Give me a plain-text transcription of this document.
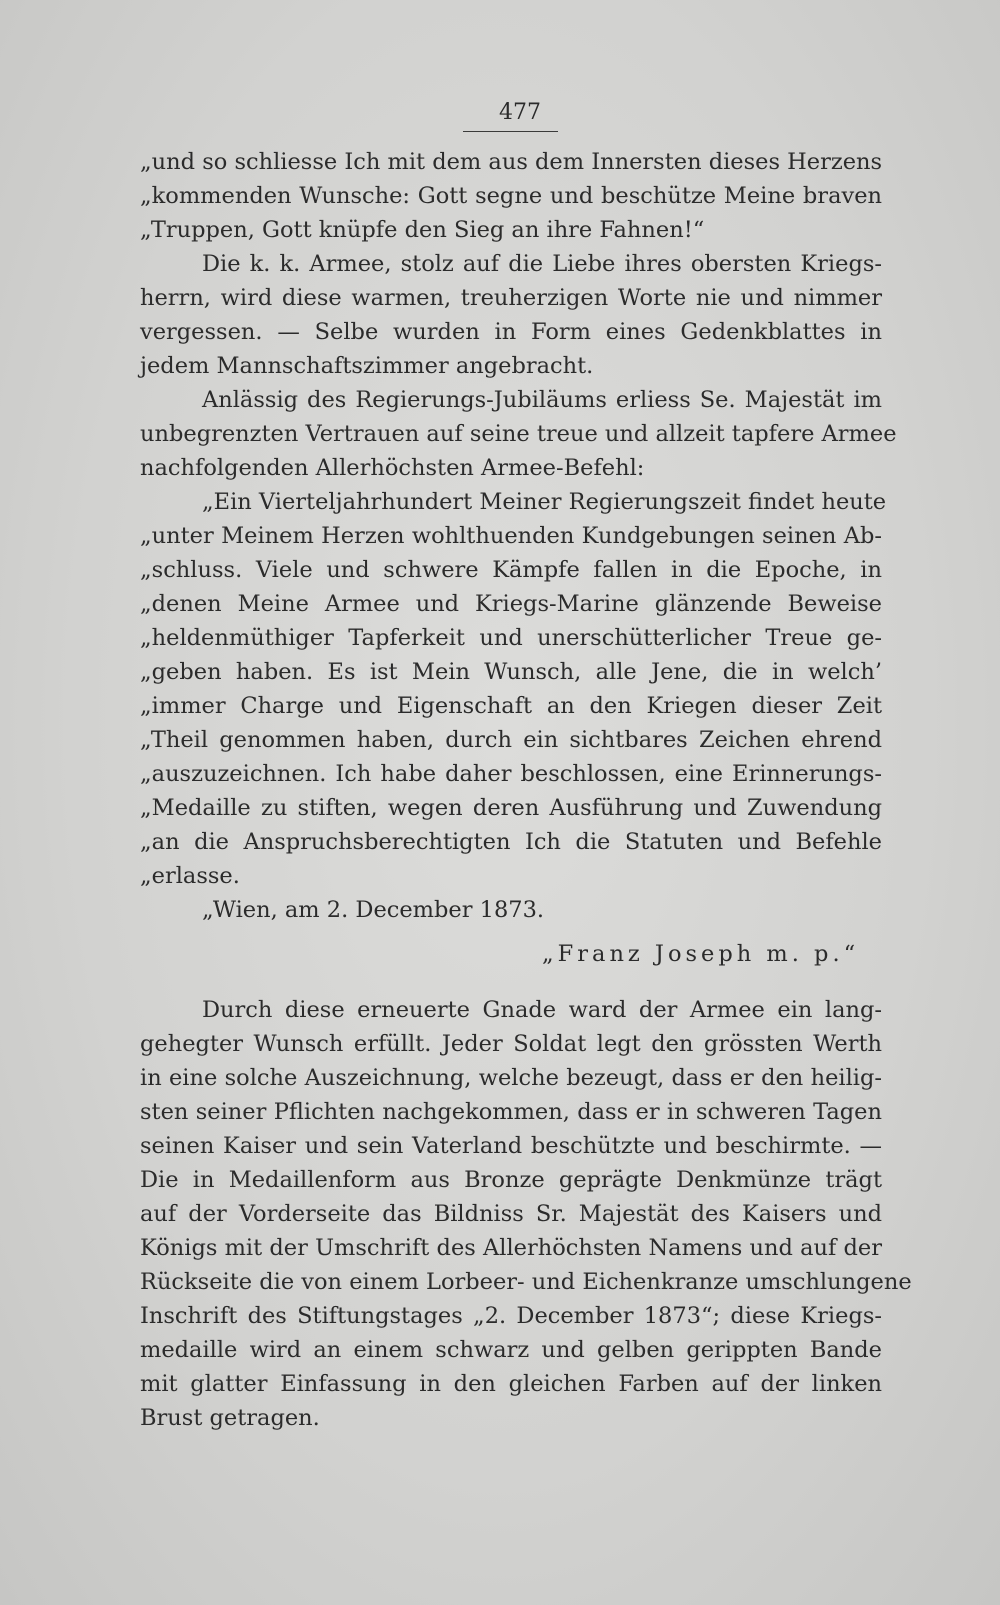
477
„und so schliesse Ich mit dem aus dem Innersten dieses Herzens
„kommenden Wunsche: Gott segne und beschütze Meine braven
„Truppen, Gott knüpfe den Sieg an ihre Fahnen!“
Die k. k. Armee, stolz auf die Liebe ihres obersten Kriegs-
herrn, wird diese warmen, treuherzigen Worte nie und nimmer
vergessen. — Selbe wurden in Form eines Gedenkblattes in
jedem Mannschaftszimmer angebracht.
Anlässig des Regierungs-Jubiläums erliess Se. Majestät im
unbegrenzten Vertrauen auf seine treue und allzeit tapfere Armee
nachfolgenden Allerhöchsten Armee-Befehl:
„Ein Vierteljahrhundert Meiner Regierungszeit findet heute
„unter Meinem Herzen wohlthuenden Kundgebungen seinen Ab-
„schluss. Viele und schwere Kämpfe fallen in die Epoche, in
„denen Meine Armee und Kriegs-Marine glänzende Beweise
„heldenmüthiger Tapferkeit und unerschütterlicher Treue ge-
„geben haben. Es ist Mein Wunsch, alle Jene, die in welch’
„immer Charge und Eigenschaft an den Kriegen dieser Zeit
„Theil genommen haben, durch ein sichtbares Zeichen ehrend
„auszuzeichnen. Ich habe daher beschlossen, eine Erinnerungs-
„Medaille zu stiften, wegen deren Ausführung und Zuwendung
„an die Anspruchsberechtigten Ich die Statuten und Befehle
„erlasse.
„Wien, am 2. December 1873.
„Franz Joseph m. p.“
Durch diese erneuerte Gnade ward der Armee ein lang-
gehegter Wunsch erfüllt. Jeder Soldat legt den grössten Werth
in eine solche Auszeichnung, welche bezeugt, dass er den heilig-
sten seiner Pflichten nachgekommen, dass er in schweren Tagen
seinen Kaiser und sein Vaterland beschützte und beschirmte. —
Die in Medaillenform aus Bronze geprägte Denkmünze trägt
auf der Vorderseite das Bildniss Sr. Majestät des Kaisers und
Königs mit der Umschrift des Allerhöchsten Namens und auf der
Rückseite die von einem Lorbeer- und Eichenkranze umschlungene
Inschrift des Stiftungstages „2. December 1873“; diese Kriegs-
medaille wird an einem schwarz und gelben gerippten Bande
mit glatter Einfassung in den gleichen Farben auf der linken
Brust getragen.
